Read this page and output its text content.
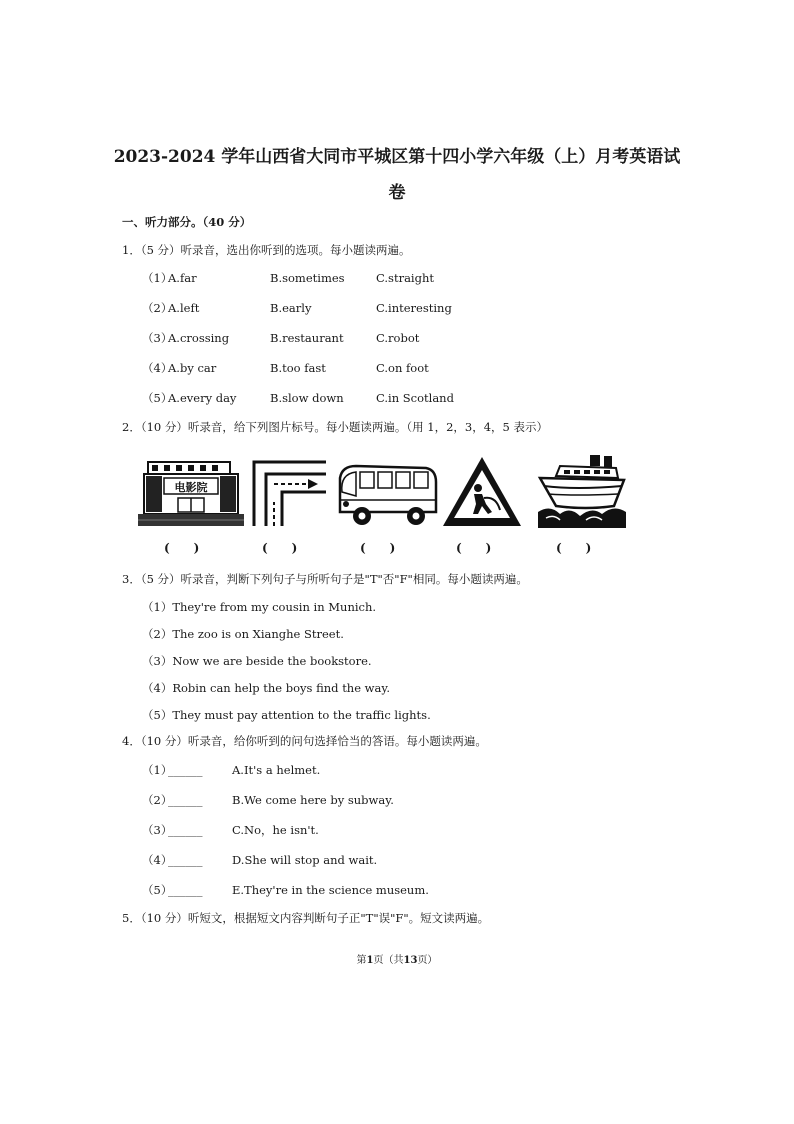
2023-2024 学年山西省大同市平城区第十四小学六年级（上）月考英语试
卷
一、听力部分。（40 分）
1．（5 分）听录音，选出你听到的选项。每小题读两遍。
（1）
A.far	B.sometimes	C.straight
（2）
A.left	B.early	C.interesting
（3）
A.crossing	B.restaurant	C.robot
（4）
A.by car	B.too fast	C.on foot
（5）
A.every day	B.slow down	C.in Scotland
2．（10 分）听录音，给下列图片标号。每小题读两遍。（用 1，2，3，4，5 表示）
电影院
(　　)	(　　)	(　　)	(　　)	(　　)
3．（5 分）听录音，判断下列句子与所听句子是"T"否"F"相同。每小题读两遍。
（1）They're from my cousin in Munich.
（2）The zoo is on Xianghe Street.
（3）Now we are beside the bookstore.
（4）Robin can help the boys find the way.
（5）They must pay attention to the traffic lights.
4．（10 分）听录音，给你听到的问句选择恰当的答语。每小题读两遍。
（1）
______	A.It's a helmet.
（2）
______	B.We come here by subway.
（3）
______	C.No，he isn't.
（4）
______	D.She will stop and wait.
（5）
______	E.They're in the science museum.
5．（10 分）听短文，根据短文内容判断句子正"T"误"F"。短文读两遍。
第1页（共13页）
